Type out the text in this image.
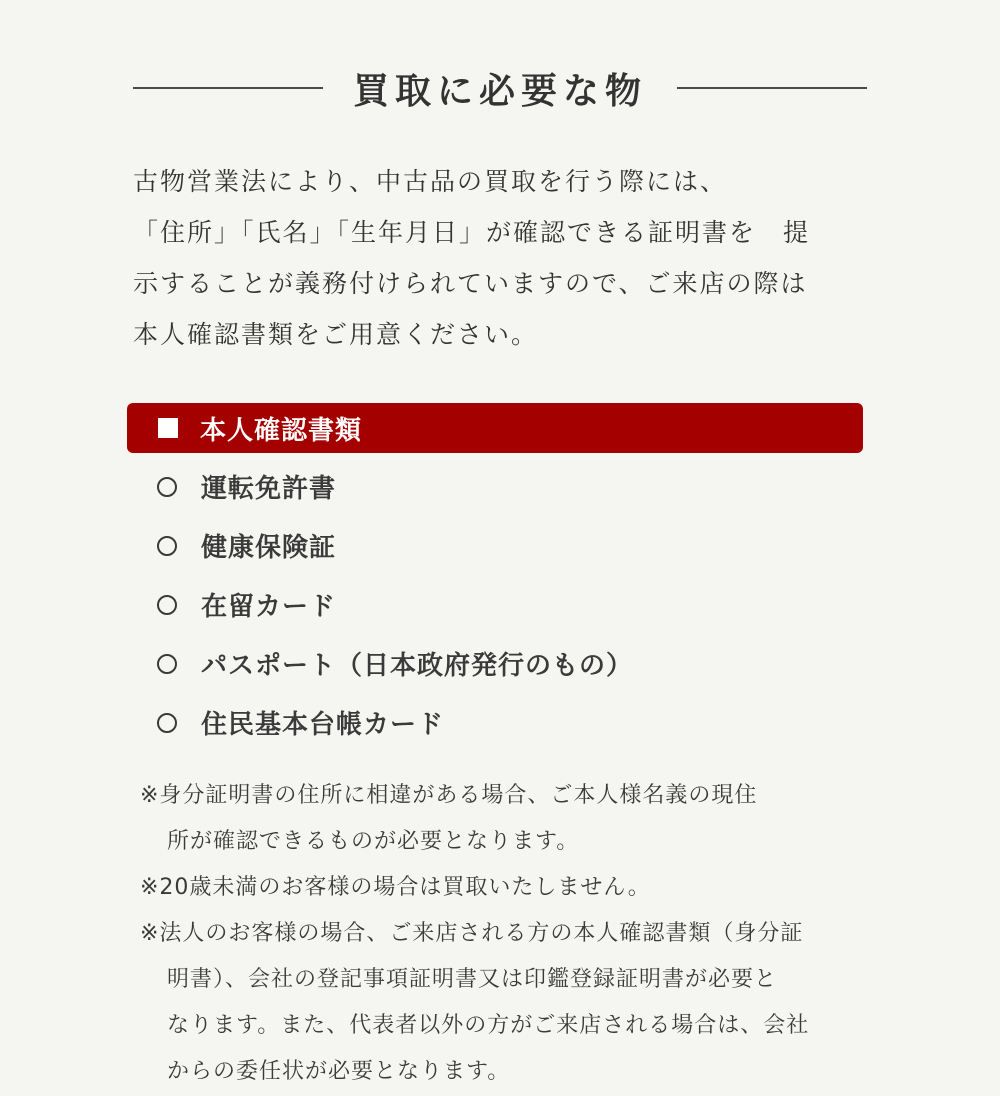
買取に必要な物

古物営業法により、中古品の買取を行う際には、
「住所」「氏名」「生年月日」が確認できる証明書を　提
示することが義務付けられていますので、ご来店の際は
本人確認書類をご用意ください。

本人確認書類
運転免許書
健康保険証
在留カード
パスポート（日本政府発行のもの）
住民基本台帳カード
※身分証明書の住所に相違がある場合、ご本人様名義の現住
所が確認できるものが必要となります。
※20歳未満のお客様の場合は買取いたしません。
※法人のお客様の場合、ご来店される方の本人確認書類（身分証
明書）、会社の登記事項証明書又は印鑑登録証明書が必要と
なります。また、代表者以外の方がご来店される場合は、会社
からの委任状が必要となります。
